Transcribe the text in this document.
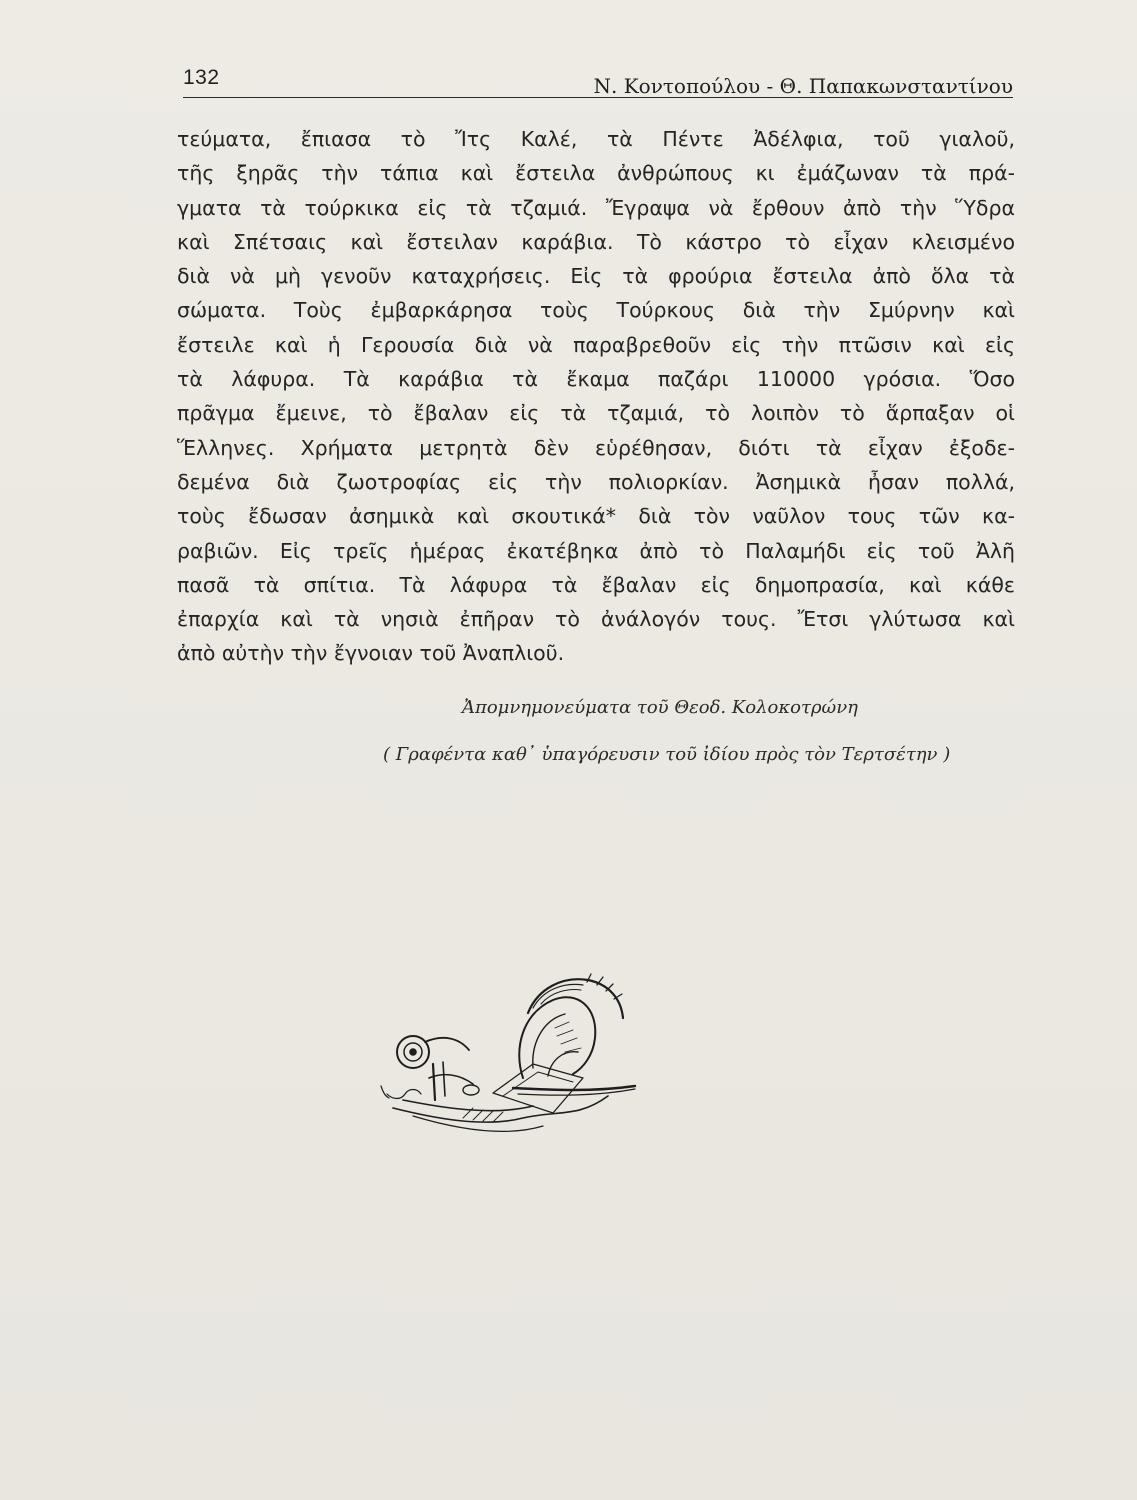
132	Ν. Κοντοπούλου - Θ. Παπακωνσταντίνου
τεύματα, ἔπιασα τὸ Ἴτς Καλέ, τὰ Πέντε Ἀδέλφια, τοῦ γιαλοῦ,
τῆς ξηρᾶς τὴν τάπια καὶ ἔστειλα ἀνθρώπους κι ἐμάζωναν τὰ πρά-
γματα τὰ τούρκικα εἰς τὰ τζαμιά. Ἔγραψα νὰ ἔρθουν ἀπὸ τὴν Ὕδρα
καὶ Σπέτσαις καὶ ἔστειλαν καράβια. Τὸ κάστρο τὸ εἶχαν κλεισμένο
διὰ νὰ μὴ γενοῦν καταχρήσεις. Εἰς τὰ φρούρια ἔστειλα ἀπὸ ὅλα τὰ
σώματα. Τοὺς ἐμβαρκάρησα τοὺς Τούρκους διὰ τὴν Σμύρνην καὶ
ἔστειλε καὶ ἡ Γερουσία διὰ νὰ παραβρεθοῦν εἰς τὴν πτῶσιν καὶ εἰς
τὰ λάφυρα. Τὰ καράβια τὰ ἔκαμα παζάρι 110000 γρόσια. Ὅσο
πρᾶγμα ἔμεινε, τὸ ἔβαλαν εἰς τὰ τζαμιά, τὸ λοιπὸν τὸ ἅρπαξαν οἱ
Ἕλληνες. Χρήματα μετρητὰ δὲν εὑρέθησαν, διότι τὰ εἶχαν ἐξοδε-
δεμένα διὰ ζωοτροφίας εἰς τὴν πολιορκίαν. Ἀσημικὰ ἦσαν πολλά,
τοὺς ἔδωσαν ἀσημικὰ καὶ σκουτικά* διὰ τὸν ναῦλον τους τῶν κα-
ραβιῶν. Εἰς τρεῖς ἡμέρας ἐκατέβηκα ἀπὸ τὸ Παλαμήδι εἰς τοῦ Ἀλῆ
πασᾶ τὰ σπίτια. Τὰ λάφυρα τὰ ἔβαλαν εἰς δημοπρασία, καὶ κάθε
ἐπαρχία καὶ τὰ νησιὰ ἐπῆραν τὸ ἀνάλογόν τους. Ἔτσι γλύτωσα καὶ
ἀπὸ αὐτὴν τὴν ἔγνοιαν τοῦ Ἀναπλιοῦ.
Ἀπομνημονεύματα τοῦ Θεοδ. Κολοκοτρώνη
( Γραφέντα καθ᾿ ὑπαγόρευσιν τοῦ ἰδίου πρὸς τὸν Τερτσέτην )
